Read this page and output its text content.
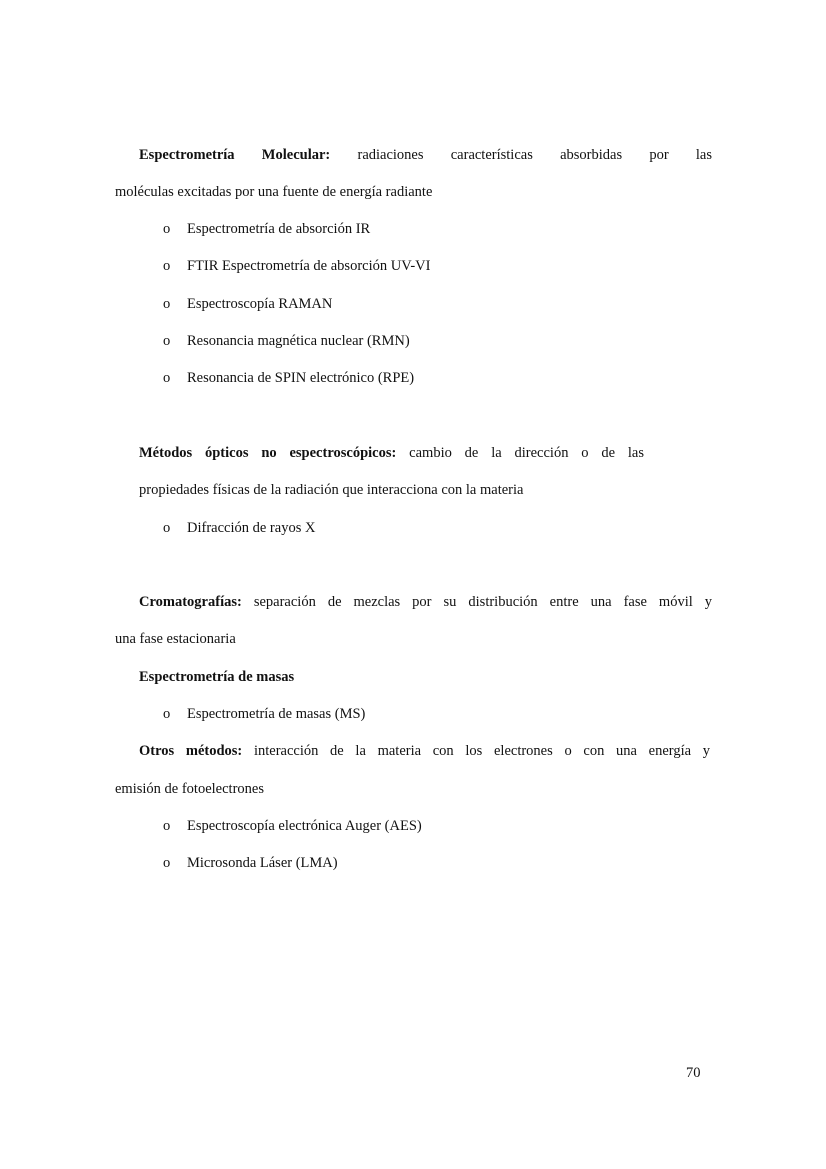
Espectrometría Molecular: radiaciones características absorbidas por las
moléculas excitadas por una fuente de energía radiante
o Espectrometría de absorción IR
o FTIR Espectrometría de absorción UV-VI
o Espectroscopía RAMAN
o Resonancia magnética nuclear (RMN)
o Resonancia de SPIN electrónico (RPE)
Métodos ópticos no espectroscópicos: cambio de la dirección o de las
propiedades físicas de la radiación que interacciona con la materia
o Difracción de rayos X
Cromatografías: separación de mezclas por su distribución entre una fase móvil y
una fase estacionaria
Espectrometría de masas
o Espectrometría de masas (MS)
Otros métodos: interacción de la materia con los electrones o con una energía y
emisión de fotoelectrones
o Espectroscopía electrónica Auger (AES)
o Microsonda Láser (LMA)
70
